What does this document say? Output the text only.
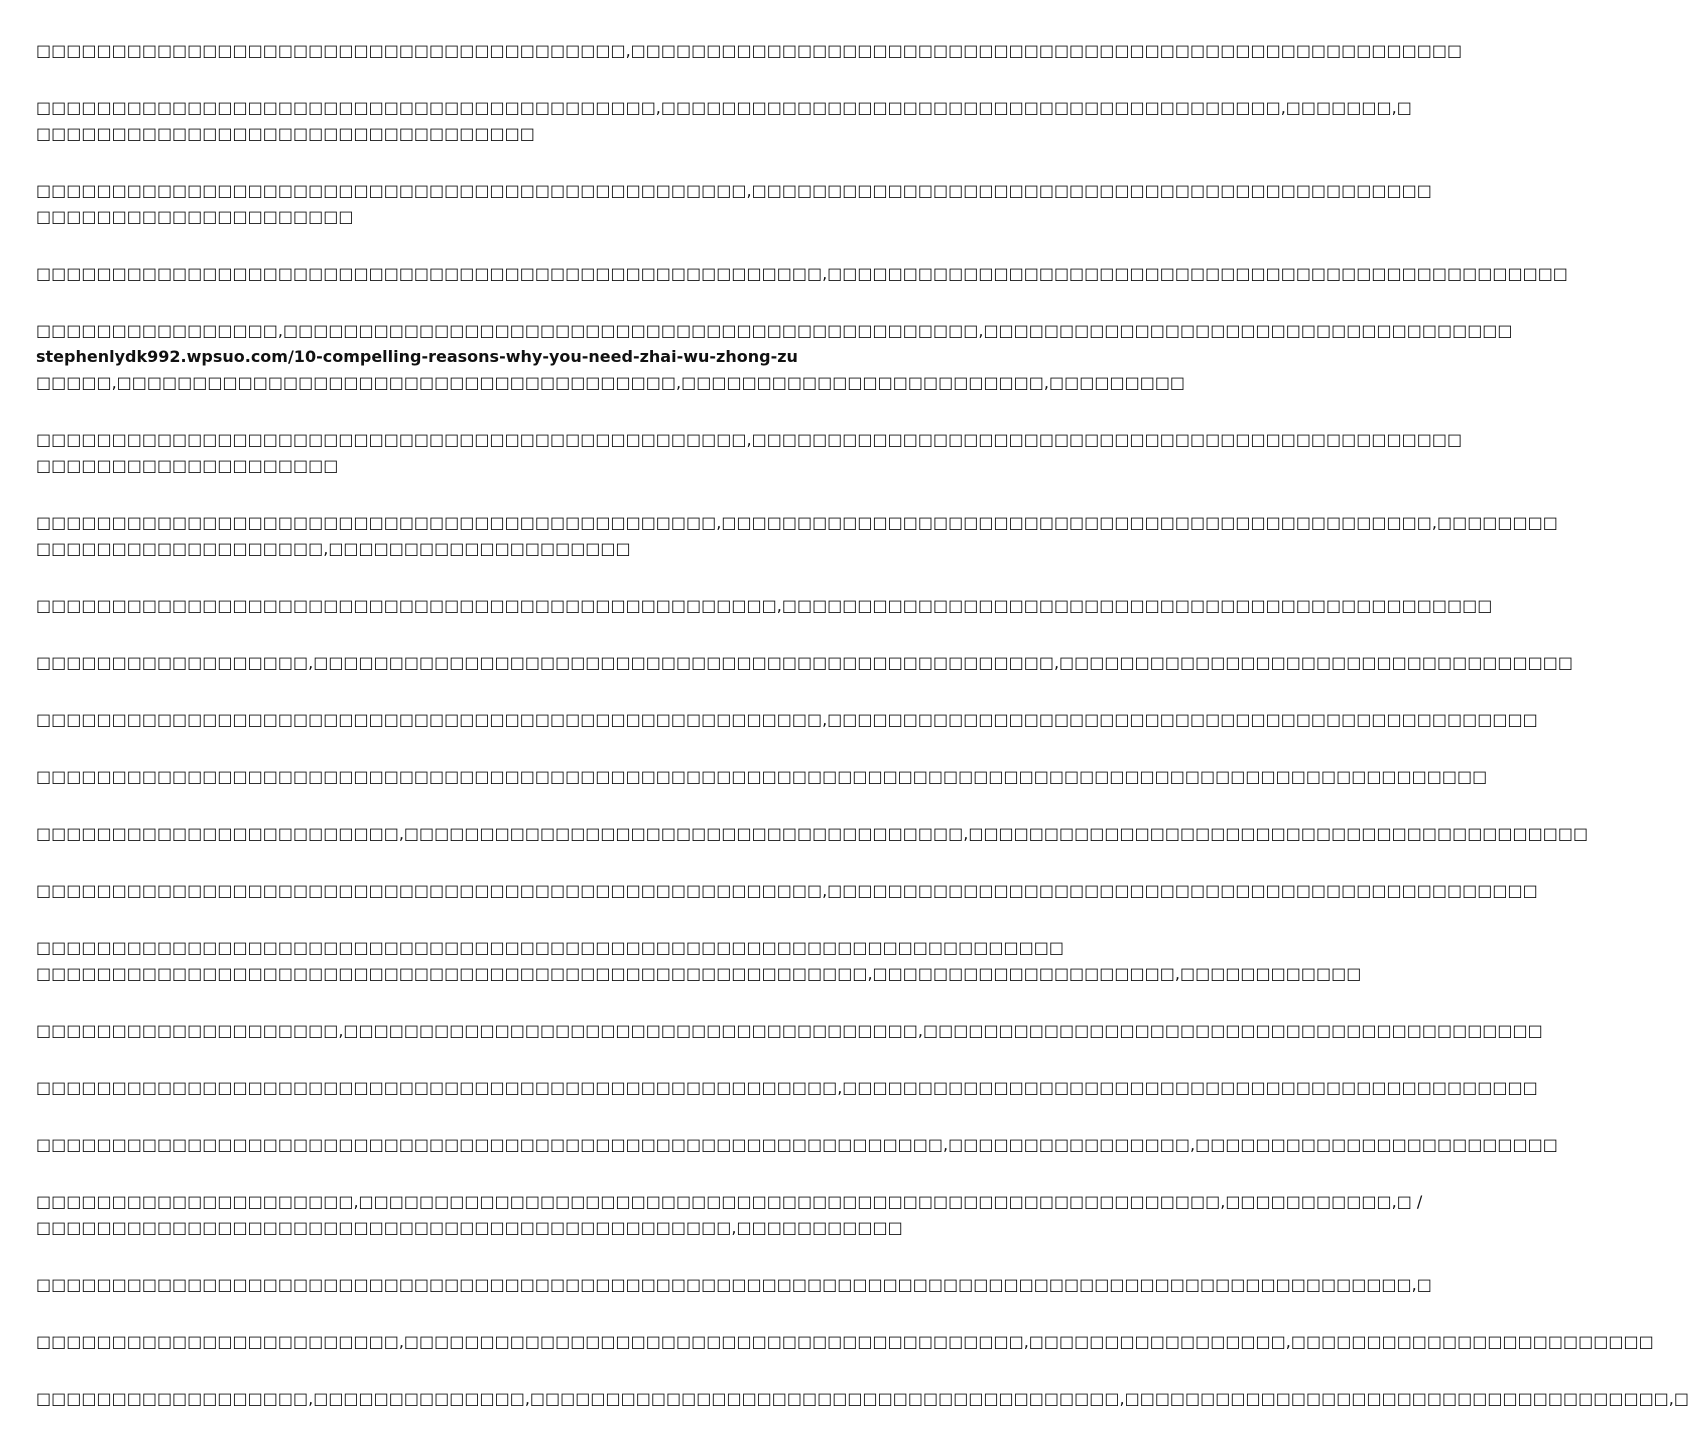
□□□□□□□□□□□□□□□□□□□□□□□□□□□□□□□□□□□□□□□,□□□□□□□□□□□□□□□□□□□□□□□□□□□□□□□□□□□□□□□□□□□□□□□□□□□□□□□

□□□□□□□□□□□□□□□□□□□□□□□□□□□□□□□□□□□□□□□□□,□□□□□□□□□□□□□□□□□□□□□□□□□□□□□□□□□□□□□□□□□,□□□□□□□,□
□□□□□□□□□□□□□□□□□□□□□□□□□□□□□□□□□

□□□□□□□□□□□□□□□□□□□□□□□□□□□□□□□□□□□□□□□□□□□□□□□,□□□□□□□□□□□□□□□□□□□□□□□□□□□□□□□□□□□□□□□□□□□□□
□□□□□□□□□□□□□□□□□□□□□

□□□□□□□□□□□□□□□□□□□□□□□□□□□□□□□□□□□□□□□□□□□□□□□□□□□□,□□□□□□□□□□□□□□□□□□□□□□□□□□□□□□□□□□□□□□□□□□□□□□□□□

□□□□□□□□□□□□□□□□,□□□□□□□□□□□□□□□□□□□□□□□□□□□□□□□□□□□□□□□□□□□□□□,□□□□□□□□□□□□□□□□□□□□□□□□□□□□□□□□□□□
stephenlydk992.wpsuo.com/10-compelling-reasons-why-you-need-zhai-wu-zhong-zu
□□□□□,□□□□□□□□□□□□□□□□□□□□□□□□□□□□□□□□□□□□□,□□□□□□□□□□□□□□□□□□□□□□□□,□□□□□□□□□

□□□□□□□□□□□□□□□□□□□□□□□□□□□□□□□□□□□□□□□□□□□□□□□,□□□□□□□□□□□□□□□□□□□□□□□□□□□□□□□□□□□□□□□□□□□□□□□
□□□□□□□□□□□□□□□□□□□□

□□□□□□□□□□□□□□□□□□□□□□□□□□□□□□□□□□□□□□□□□□□□□,□□□□□□□□□□□□□□□□□□□□□□□□□□□□□□□□□□□□□□□□□□□□□□□,□□□□□□□□
□□□□□□□□□□□□□□□□□□□,□□□□□□□□□□□□□□□□□□□□

□□□□□□□□□□□□□□□□□□□□□□□□□□□□□□□□□□□□□□□□□□□□□□□□□,□□□□□□□□□□□□□□□□□□□□□□□□□□□□□□□□□□□□□□□□□□□□□□□

□□□□□□□□□□□□□□□□□□,□□□□□□□□□□□□□□□□□□□□□□□□□□□□□□□□□□□□□□□□□□□□□□□□□,□□□□□□□□□□□□□□□□□□□□□□□□□□□□□□□□□□

□□□□□□□□□□□□□□□□□□□□□□□□□□□□□□□□□□□□□□□□□□□□□□□□□□□□,□□□□□□□□□□□□□□□□□□□□□□□□□□□□□□□□□□□□□□□□□□□□□□□

□□□□□□□□□□□□□□□□□□□□□□□□□□□□□□□□□□□□□□□□□□□□□□□□□□□□□□□□□□□□□□□□□□□□□□□□□□□□□□□□□□□□□□□□□□□□□□□□

□□□□□□□□□□□□□□□□□□□□□□□□,□□□□□□□□□□□□□□□□□□□□□□□□□□□□□□□□□□□□□,□□□□□□□□□□□□□□□□□□□□□□□□□□□□□□□□□□□□□□□□□

□□□□□□□□□□□□□□□□□□□□□□□□□□□□□□□□□□□□□□□□□□□□□□□□□□□□,□□□□□□□□□□□□□□□□□□□□□□□□□□□□□□□□□□□□□□□□□□□□□□□

□□□□□□□□□□□□□□□□□□□□□□□□□□□□□□□□□□□□□□□□□□□□□□□□□□□□□□□□□□□□□□□□□□□□
□□□□□□□□□□□□□□□□□□□□□□□□□□□□□□□□□□□□□□□□□□□□□□□□□□□□□□□,□□□□□□□□□□□□□□□□□□□□,□□□□□□□□□□□□

□□□□□□□□□□□□□□□□□□□□,□□□□□□□□□□□□□□□□□□□□□□□□□□□□□□□□□□□□□□,□□□□□□□□□□□□□□□□□□□□□□□□□□□□□□□□□□□□□□□□□

□□□□□□□□□□□□□□□□□□□□□□□□□□□□□□□□□□□□□□□□□□□□□□□□□□□□□,□□□□□□□□□□□□□□□□□□□□□□□□□□□□□□□□□□□□□□□□□□□□□□

□□□□□□□□□□□□□□□□□□□□□□□□□□□□□□□□□□□□□□□□□□□□□□□□□□□□□□□□□□□□,□□□□□□□□□□□□□□□□,□□□□□□□□□□□□□□□□□□□□□□□□

□□□□□□□□□□□□□□□□□□□□□,□□□□□□□□□□□□□□□□□□□□□□□□□□□□□□□□□□□□□□□□□□□□□□□□□□□□□□□□□,□□□□□□□□□□□,□ /
□□□□□□□□□□□□□□□□□□□□□□□□□□□□□□□□□□□□□□□□□□□□□□,□□□□□□□□□□□

□□□□□□□□□□□□□□□□□□□□□□□□□□□□□□□□□□□□□□□□□□□□□□□□□□□□□□□□□□□□□□□□□□□□□□□□□□□□□□□□□□□□□□□□□□□,□

□□□□□□□□□□□□□□□□□□□□□□□□,□□□□□□□□□□□□□□□□□□□□□□□□□□□□□□□□□□□□□□□□□,□□□□□□□□□□□□□□□□□,□□□□□□□□□□□□□□□□□□□□□□□□

□□□□□□□□□□□□□□□□□□,□□□□□□□□□□□□□□,□□□□□□□□□□□□□□□□□□□□□□□□□□□□□□□□□□□□□□□,□□□□□□□□□□□□□□□□□□□□□□□□□□□□□□□□□□□□,□
